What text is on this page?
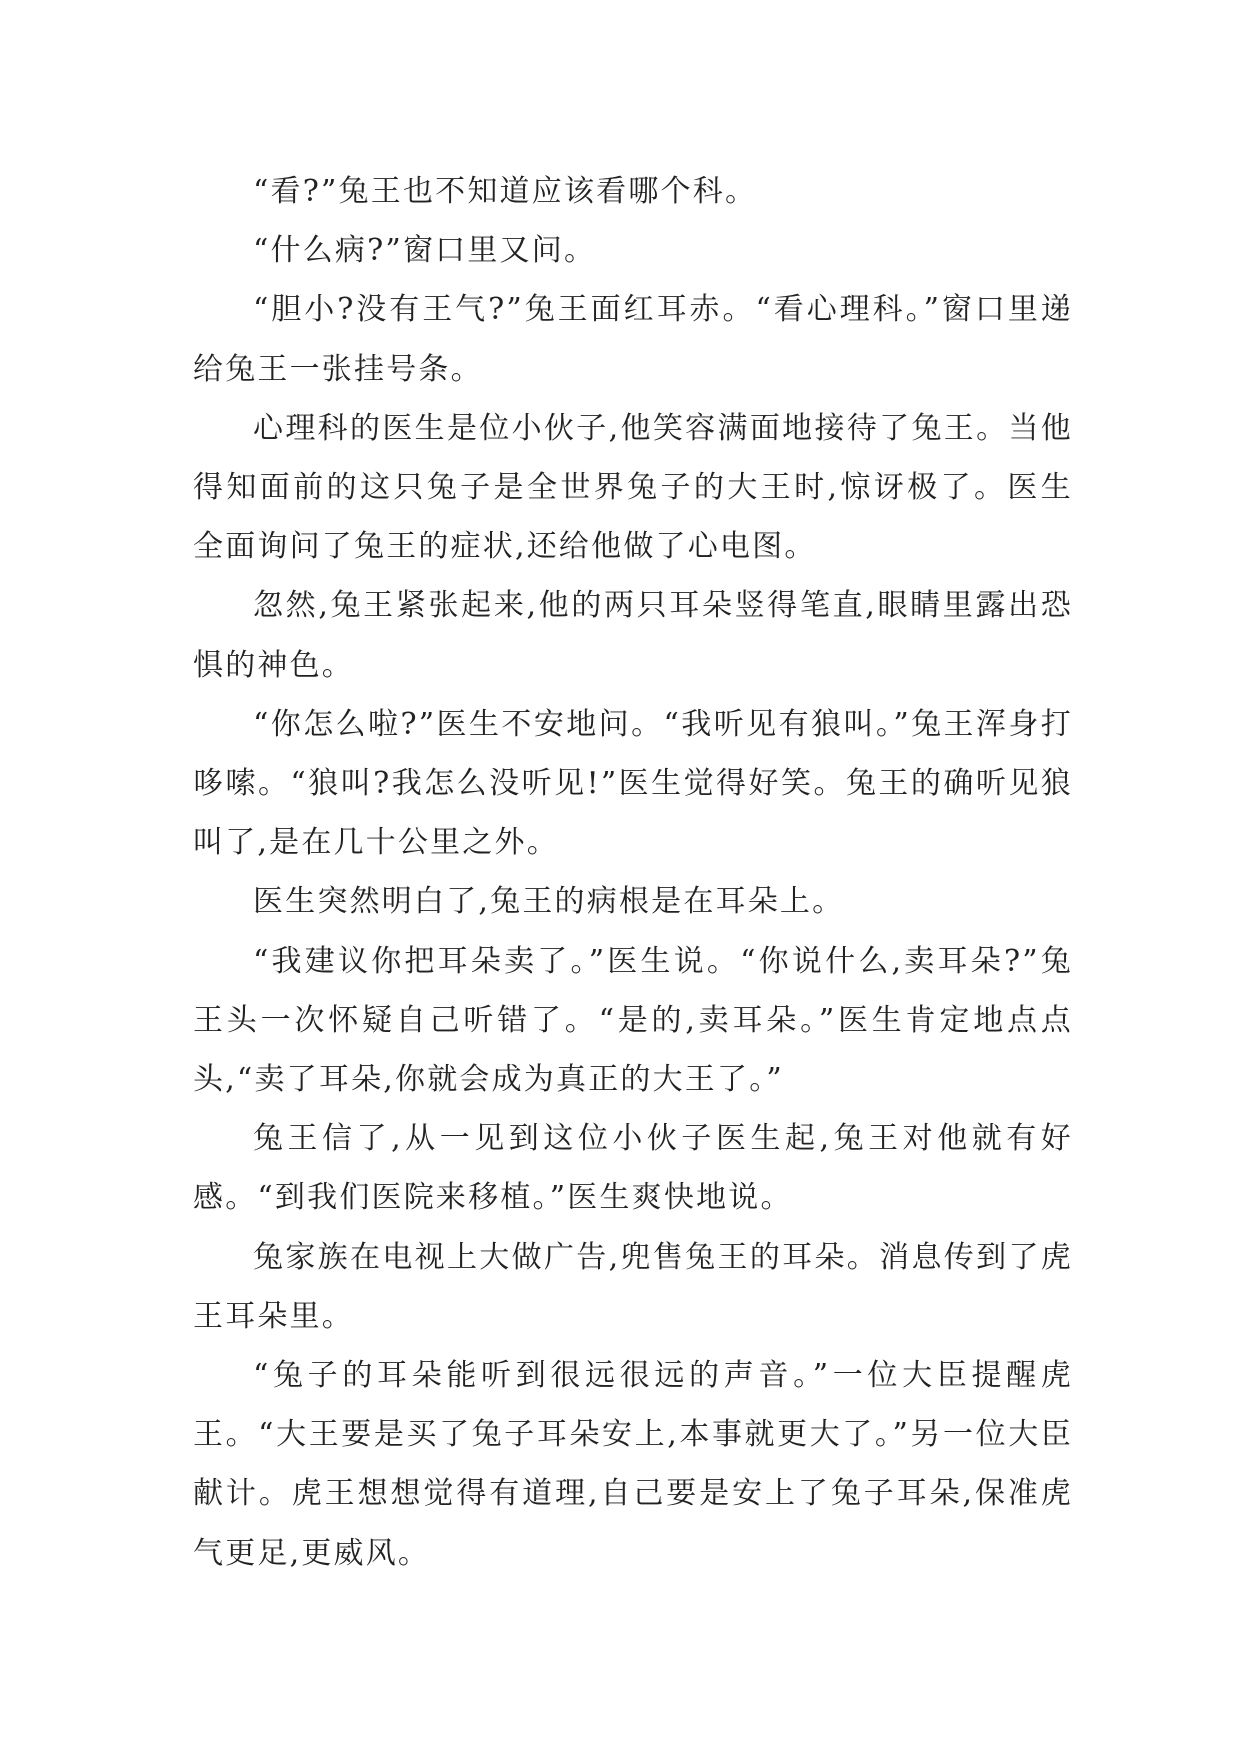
“看?”兔王也不知道应该看哪个科。

“什么病?”窗口里又问。

“胆小?没有王气?”兔王面红耳赤。“看心理科。”窗口里递给兔王一张挂号条。

心理科的医生是位小伙子,他笑容满面地接待了兔王。当他得知面前的这只兔子是全世界兔子的大王时,惊讶极了。医生全面询问了兔王的症状,还给他做了心电图。

忽然,兔王紧张起来,他的两只耳朵竖得笔直,眼睛里露出恐惧的神色。

“你怎么啦?”医生不安地问。“我听见有狼叫。”兔王浑身打哆嗦。“狼叫?我怎么没听见!”医生觉得好笑。兔王的确听见狼叫了,是在几十公里之外。

医生突然明白了,兔王的病根是在耳朵上。

“我建议你把耳朵卖了。”医生说。“你说什么,卖耳朵?”兔王头一次怀疑自己听错了。“是的,卖耳朵。”医生肯定地点点头,“卖了耳朵,你就会成为真正的大王了。”

兔王信了,从一见到这位小伙子医生起,兔王对他就有好感。“到我们医院来移植。”医生爽快地说。

兔家族在电视上大做广告,兜售兔王的耳朵。消息传到了虎王耳朵里。

“兔子的耳朵能听到很远很远的声音。”一位大臣提醒虎王。“大王要是买了兔子耳朵安上,本事就更大了。”另一位大臣献计。虎王想想觉得有道理,自己要是安上了兔子耳朵,保准虎气更足,更威风。
